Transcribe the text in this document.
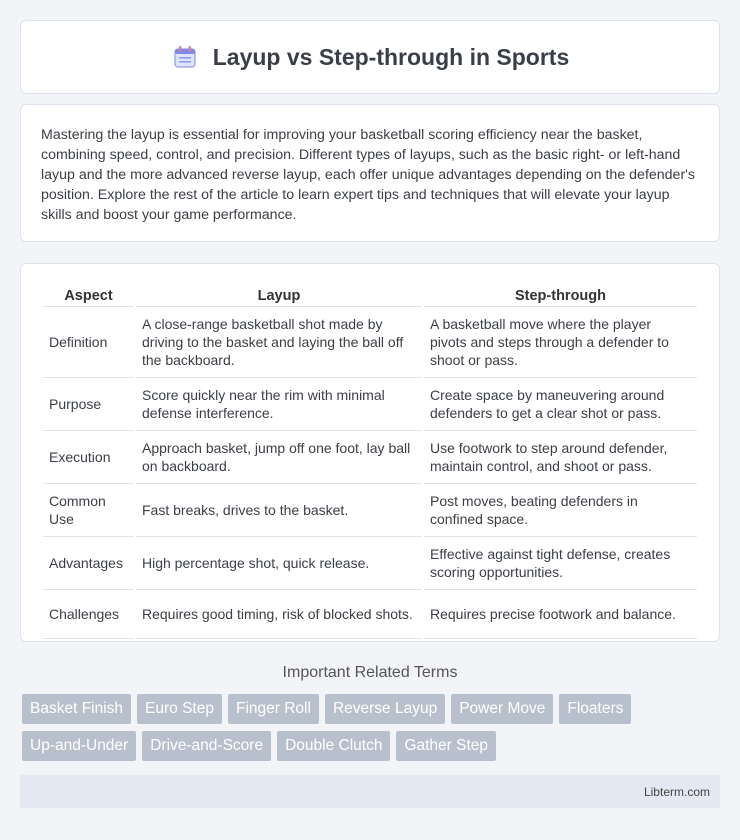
Layup vs Step-through in Sports
Mastering the layup is essential for improving your basketball scoring efficiency near the basket, combining speed, control, and precision. Different types of layups, such as the basic right- or left-hand layup and the more advanced reverse layup, each offer unique advantages depending on the defender's position. Explore the rest of the article to learn expert tips and techniques that will elevate your layup skills and boost your game performance.
Aspect	Layup	Step-through
Definition	A close-range basketball shot made by driving to the basket and laying the ball off the backboard.	A basketball move where the player pivots and steps through a defender to shoot or pass.
Purpose	Score quickly near the rim with minimal defense interference.	Create space by maneuvering around defenders to get a clear shot or pass.
Execution	Approach basket, jump off one foot, lay ball on backboard.	Use footwork to step around defender, maintain control, and shoot or pass.
Common Use	Fast breaks, drives to the basket.	Post moves, beating defenders in confined space.
Advantages	High percentage shot, quick release.	Effective against tight defense, creates scoring opportunities.
Challenges	Requires good timing, risk of blocked shots.	Requires precise footwork and balance.
Important Related Terms
Basket Finish	Euro Step	Finger Roll	Reverse Layup	Power Move	Floaters
Up-and-Under	Drive-and-Score	Double Clutch	Gather Step
Libterm.com
